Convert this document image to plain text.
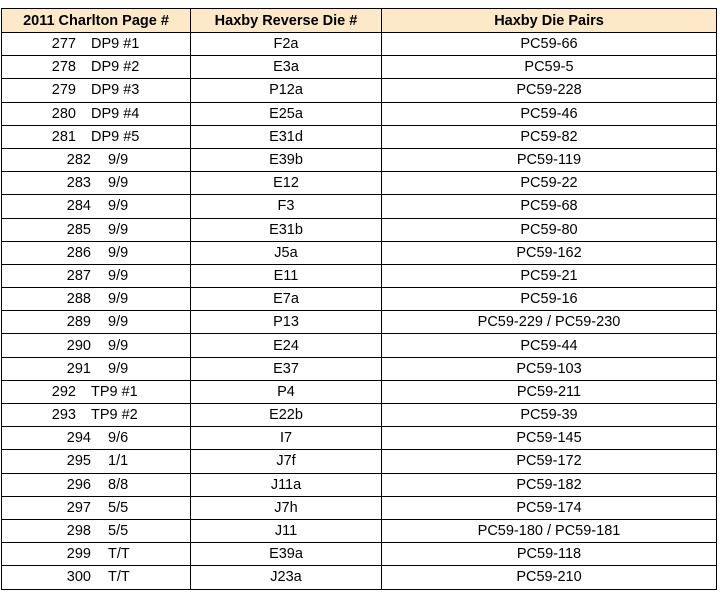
2011 Charlton Page #	Haxby Reverse Die #	Haxby Die Pairs
277 DP9 #1	F2a	PC59-66
278 DP9 #2	E3a	PC59-5
279 DP9 #3	P12a	PC59-228
280 DP9 #4	E25a	PC59-46
281 DP9 #5	E31d	PC59-82
282 9/9	E39b	PC59-119
283 9/9	E12	PC59-22
284 9/9	F3	PC59-68
285 9/9	E31b	PC59-80
286 9/9	J5a	PC59-162
287 9/9	E11	PC59-21
288 9/9	E7a	PC59-16
289 9/9	P13	PC59-229 / PC59-230
290 9/9	E24	PC59-44
291 9/9	E37	PC59-103
292 TP9 #1	P4	PC59-211
293 TP9 #2	E22b	PC59-39
294 9/6	I7	PC59-145
295 1/1	J7f	PC59-172
296 8/8	J11a	PC59-182
297 5/5	J7h	PC59-174
298 5/5	J11	PC59-180 / PC59-181
299 T/T	E39a	PC59-118
300 T/T	J23a	PC59-210
